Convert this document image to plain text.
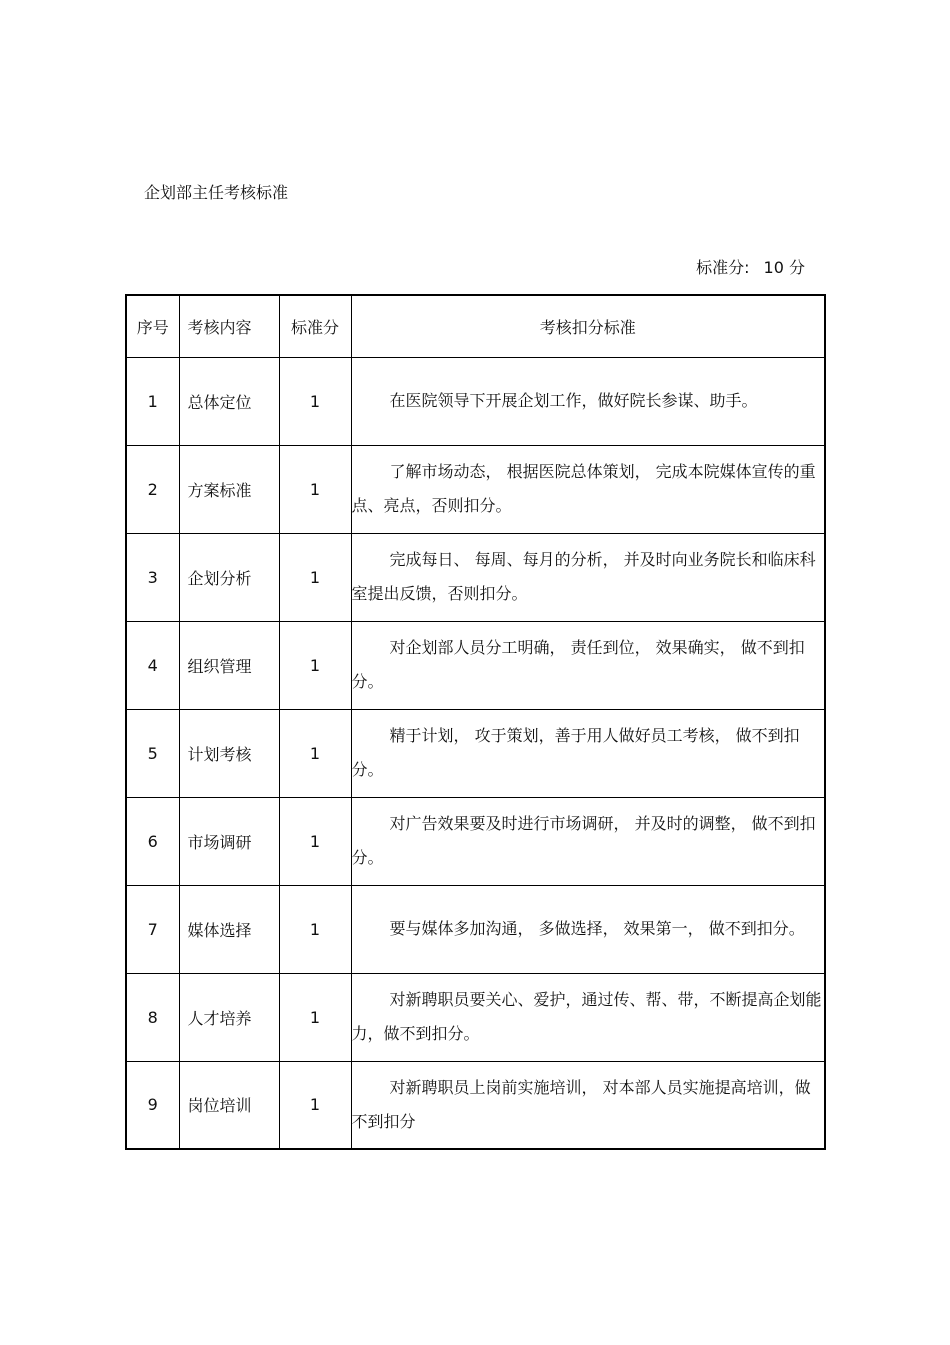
企划部主任考核标准
标准分: 10 分
序号	考核内容	标准分	考核扣分标准
1	总体定位	1	在医院领导下开展企划工作，做好院长参谋、助手。

2	方案标准	1	了解市场动态， 根据医院总体策划， 完成本院媒体宣传的重点、亮点，否则扣分。

3	企划分析	1	完成每日、 每周、每月的分析， 并及时向业务院长和临床科室提出反馈，否则扣分。

4	组织管理	1	对企划部人员分工明确， 责任到位， 效果确实， 做不到扣分。

5	计划考核	1	精于计划， 攻于策划，善于用人做好员工考核， 做不到扣分。

6	市场调研	1	对广告效果要及时进行市场调研， 并及时的调整， 做不到扣分。

7	媒体选择	1	要与媒体多加沟通， 多做选择， 效果第一， 做不到扣分。

8	人才培养	1	对新聘职员要关心、爱护，通过传、帮、带，不断提高企划能力，做不到扣分。

9	岗位培训	1	对新聘职员上岗前实施培训， 对本部人员实施提高培训，做不到扣分
